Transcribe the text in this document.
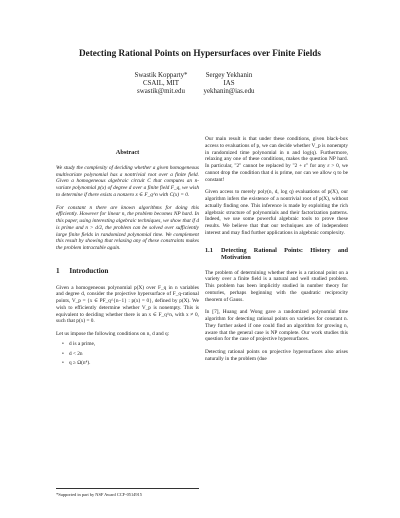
Detecting Rational Points on Hypersurfaces over Finite Fields
Swastik Kopparty*
CSAIL, MIT
swastik@mit.edu
Sergey Yekhanin
IAS
yekhanin@ias.edu
Abstract

We study the complexity of deciding whether a given homogeneous multivariate polynomial has a nontrivial root over a finite field. Given a homogeneous algebraic circuit C that computes an n-variate polynomial p(x) of degree d over a finite field F_q, we wish to determine if there exists a nonzero x ∈ F_q^n with C(x) = 0.

For constant n there are known algorithms for doing this efficiently. However for linear n, the problem becomes NP hard. In this paper, using interesting algebraic techniques, we show that if d is prime and n > d/2, the problem can be solved over sufficiently large finite fields in randomized polynomial time. We complement this result by showing that relaxing any of these constraints makes the problem intractable again.

1 Introduction

Given a homogeneous polynomial p(X) over F_q in n variables and degree d, consider the projective hypersurface of F_q-rational points, V_p = {x ∈ PF_q^{n−1} : p(x) = 0}, defined by p(X). We wish to efficiently determine whether V_p is nonempty. This is equivalent to deciding whether there is an x ∈ F_q^n, with x ≠ 0, such that p(x) = 0.

Let us impose the following conditions on n, d and q:

• d is a prime,
• d < 2n
• q ≥ Ω(n⁴).
*Supported in part by NSF Award CCF-0514915

Our main result is that under these conditions, given black-box access to evaluations of p, we can decide whether V_p is nonempty in randomized time polynomial in n and log(q). Furthermore, relaxing any one of these conditions, makes the question NP hard. In particular, "2" cannot be replaced by "2 + ε" for any ε > 0, we cannot drop the condition that d is prime, nor can we allow q to be constant!

Given access to merely poly(n, d, log q) evaluations of p(X), our algorithm infers the existence of a nontrivial root of p(X), without actually finding one. This inference is made by exploiting the rich algebraic structure of polynomials and their factorization patterns. Indeed, we use some powerful algebraic tools to prove these results. We believe that that our techniques are of independent interest and may find further applications in algebraic complexity.

1.1	Detecting Rational Points: History and Motivation

The problem of determining whether there is a rational point on a variety over a finite field is a natural and well studied problem. This problem has been implicitly studied in number theory for centuries, perhaps beginning with the quadratic reciprocity theorem of Gauss.

In [7], Huang and Wong gave a randomized polynomial time algorithm for detecting rational points on varieties for constant n. They further asked if one could find an algorithm for growing n, aware that the general case is NP complete. Our work studies this question for the case of projective hypersurfaces.

Detecting rational points on projective hypersurfaces also arises naturally in the problem (due
